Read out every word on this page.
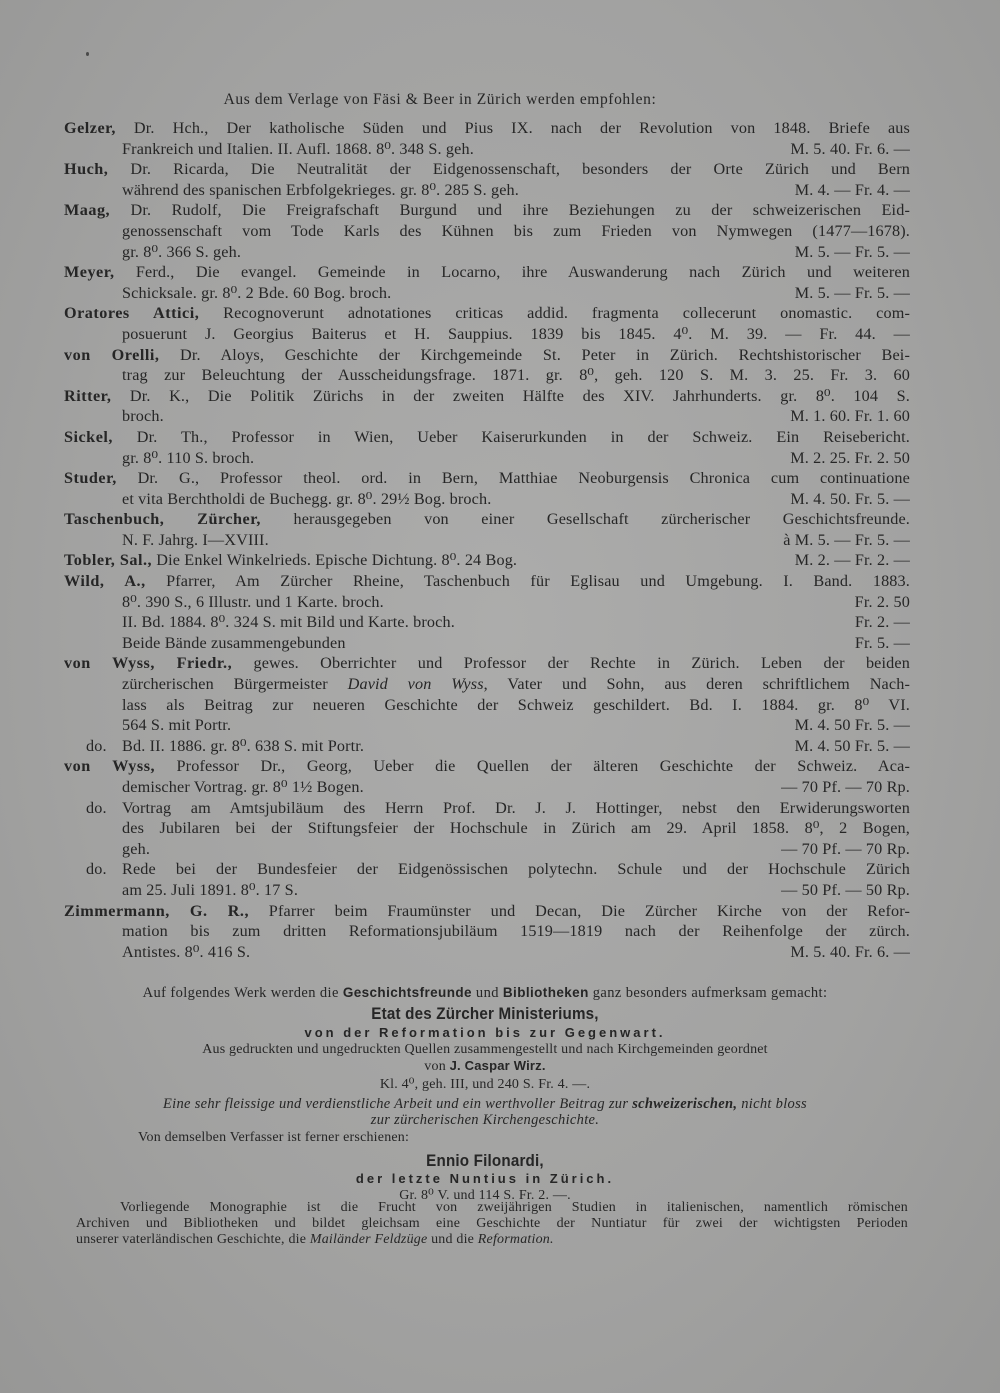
Aus dem Verlage von Fäsi & Beer in Zürich werden empfohlen:
Gelzer, Dr. Hch., Der katholische Süden und Pius IX. nach der Revolution von 1848. Briefe aus
Frankreich und Italien. II. Aufl. 1868. 8⁰. 348 S. geh.	M. 5. 40. Fr. 6. —
Huch, Dr. Ricarda, Die Neutralität der Eidgenossenschaft, besonders der Orte Zürich und Bern
während des spanischen Erbfolgekrieges. gr. 8⁰. 285 S. geh.	M. 4. — Fr. 4. —
Maag, Dr. Rudolf, Die Freigrafschaft Burgund und ihre Beziehungen zu der schweizerischen Eid-
genossenschaft vom Tode Karls des Kühnen bis zum Frieden von Nymwegen (1477—1678).
gr. 8⁰. 366 S. geh.	M. 5. — Fr. 5. —
Meyer, Ferd., Die evangel. Gemeinde in Locarno, ihre Auswanderung nach Zürich und weiteren
Schicksale. gr. 8⁰. 2 Bde. 60 Bog. broch.	M. 5. — Fr. 5. —
Oratores Attici, Recognoverunt adnotationes criticas addid. fragmenta collecerunt onomastic. com-
posuerunt J. Georgius Baiterus et H. Sauppius. 1839 bis 1845. 4⁰. M. 39. — Fr. 44. —
von Orelli, Dr. Aloys, Geschichte der Kirchgemeinde St. Peter in Zürich. Rechtshistorischer Bei-
trag zur Beleuchtung der Ausscheidungsfrage. 1871. gr. 8⁰, geh. 120 S. M. 3. 25. Fr. 3. 60
Ritter, Dr. K., Die Politik Zürichs in der zweiten Hälfte des XIV. Jahrhunderts. gr. 8⁰. 104 S.
broch.	M. 1. 60. Fr. 1. 60
Sickel, Dr. Th., Professor in Wien, Ueber Kaiserurkunden in der Schweiz. Ein Reisebericht.
gr. 8⁰. 110 S. broch.	M. 2. 25. Fr. 2. 50
Studer, Dr. G., Professor theol. ord. in Bern, Matthiae Neoburgensis Chronica cum continuatione
et vita Berchtholdi de Buchegg. gr. 8⁰. 29½ Bog. broch.	M. 4. 50. Fr. 5. —
Taschenbuch, Zürcher, herausgegeben von einer Gesellschaft zürcherischer Geschichtsfreunde.
N. F. Jahrg. I—XVIII.	à M. 5. — Fr. 5. —
Tobler, Sal., Die Enkel Winkelrieds. Epische Dichtung. 8⁰. 24 Bog.	M. 2. — Fr. 2. —
Wild, A., Pfarrer, Am Zürcher Rheine, Taschenbuch für Eglisau und Umgebung. I. Band. 1883.
8⁰. 390 S., 6 Illustr. und 1 Karte. broch.	Fr. 2. 50
II. Bd. 1884. 8⁰. 324 S. mit Bild und Karte. broch.	Fr. 2. —
Beide Bände zusammengebunden	Fr. 5. —
von Wyss, Friedr., gewes. Oberrichter und Professor der Rechte in Zürich. Leben der beiden
zürcherischen Bürgermeister David von Wyss, Vater und Sohn, aus deren schriftlichem Nach-
lass als Beitrag zur neueren Geschichte der Schweiz geschildert. Bd. I. 1884. gr. 8⁰ VI.
564 S. mit Portr.	M. 4. 50 Fr. 5. —
do. Bd. II. 1886. gr. 8⁰. 638 S. mit Portr.	M. 4. 50 Fr. 5. —
von Wyss, Professor Dr., Georg, Ueber die Quellen der älteren Geschichte der Schweiz. Aca-
demischer Vortrag. gr. 8⁰ 1½ Bogen.	— 70 Pf. — 70 Rp.
do. Vortrag am Amtsjubiläum des Herrn Prof. Dr. J. J. Hottinger, nebst den Erwiderungsworten
des Jubilaren bei der Stiftungsfeier der Hochschule in Zürich am 29. April 1858. 8⁰, 2 Bogen,
geh.	— 70 Pf. — 70 Rp.
do. Rede bei der Bundesfeier der Eidgenössischen polytechn. Schule und der Hochschule Zürich
am 25. Juli 1891. 8⁰. 17 S.	— 50 Pf. — 50 Rp.
Zimmermann, G. R., Pfarrer beim Fraumünster und Decan, Die Zürcher Kirche von der Refor-
mation bis zum dritten Reformationsjubiläum 1519—1819 nach der Reihenfolge der zürch.
Antistes. 8⁰. 416 S.	M. 5. 40. Fr. 6. —
Auf folgendes Werk werden die Geschichtsfreunde und Bibliotheken ganz besonders aufmerksam gemacht:
Etat des Zürcher Ministeriums,
von der Reformation bis zur Gegenwart.
Aus gedruckten und ungedruckten Quellen zusammengestellt und nach Kirchgemeinden geordnet
von J. Caspar Wirz.
Kl. 4⁰, geh. III, und 240 S. Fr. 4. —.
Eine sehr fleissige und verdienstliche Arbeit und ein werthvoller Beitrag zur schweizerischen, nicht bloss
zur zürcherischen Kirchengeschichte.
Von demselben Verfasser ist ferner erschienen:
Ennio Filonardi,
der letzte Nuntius in Zürich.
Gr. 8⁰ V. und 114 S. Fr. 2. —.
Vorliegende Monographie ist die Frucht von zweijährigen Studien in italienischen, namentlich römischen
Archiven und Bibliotheken und bildet gleichsam eine Geschichte der Nuntiatur für zwei der wichtigsten Perioden
unserer vaterländischen Geschichte, die Mailänder Feldzüge und die Reformation.
